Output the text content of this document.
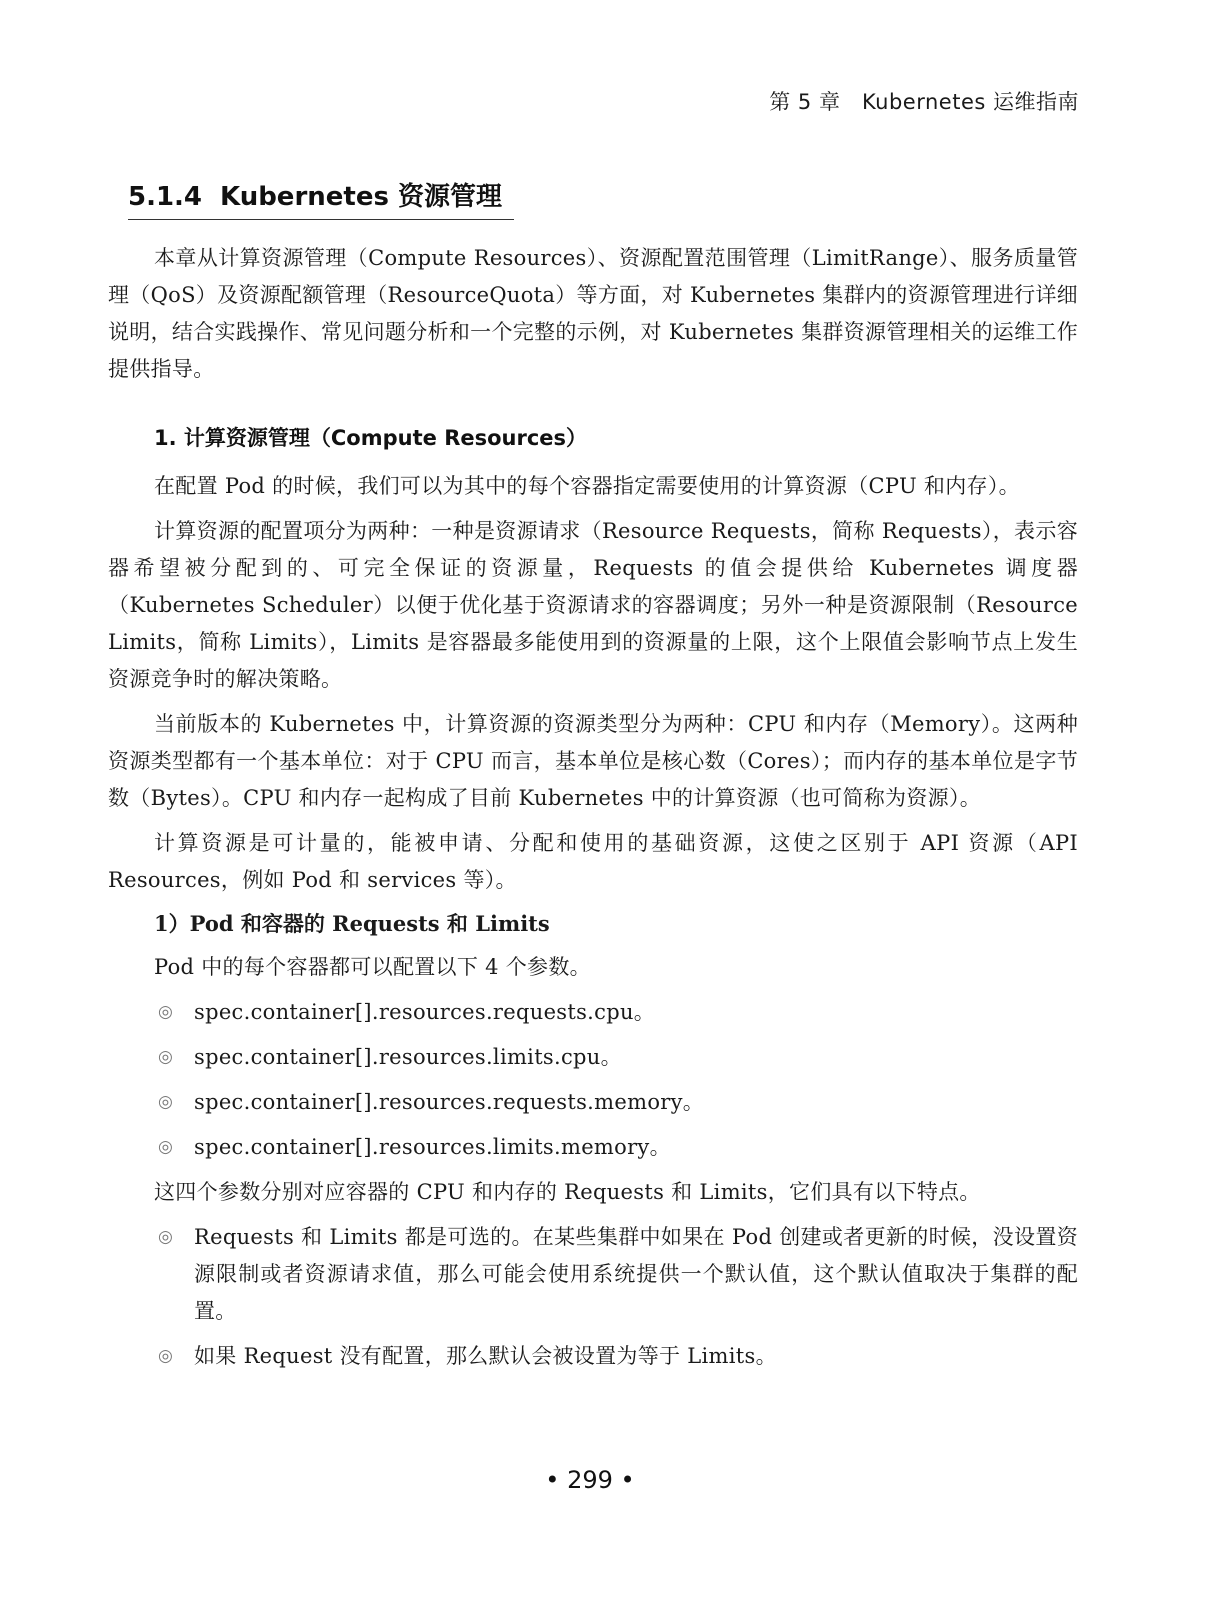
第 5 章　Kubernetes 运维指南
5.1.4 Kubernetes 资源管理

本章从计算资源管理（Compute Resources）、资源配置范围管理（LimitRange）、服务质量管理（QoS）及资源配额管理（ResourceQuota）等方面，对 Kubernetes 集群内的资源管理进行详细说明，结合实践操作、常见问题分析和一个完整的示例，对 Kubernetes 集群资源管理相关的运维工作提供指导。

1. 计算资源管理（Compute Resources）

在配置 Pod 的时候，我们可以为其中的每个容器指定需要使用的计算资源（CPU 和内存）。

计算资源的配置项分为两种：一种是资源请求（Resource Requests，简称 Requests），表示容器希望被分配到的、可完全保证的资源量，Requests 的值会提供给 Kubernetes 调度器（Kubernetes Scheduler）以便于优化基于资源请求的容器调度；另外一种是资源限制（Resource Limits，简称 Limits），Limits 是容器最多能使用到的资源量的上限，这个上限值会影响节点上发生资源竞争时的解决策略。

当前版本的 Kubernetes 中，计算资源的资源类型分为两种：CPU 和内存（Memory）。这两种资源类型都有一个基本单位：对于 CPU 而言，基本单位是核心数（Cores）；而内存的基本单位是字节数（Bytes）。CPU 和内存一起构成了目前 Kubernetes 中的计算资源（也可简称为资源）。

计算资源是可计量的，能被申请、分配和使用的基础资源，这使之区别于 API 资源（API Resources，例如 Pod 和 services 等）。

1）Pod 和容器的 Requests 和 Limits

Pod 中的每个容器都可以配置以下 4 个参数。

◎ spec.container[].resources.requests.cpu。
◎ spec.container[].resources.limits.cpu。
◎ spec.container[].resources.requests.memory。
◎ spec.container[].resources.limits.memory。

这四个参数分别对应容器的 CPU 和内存的 Requests 和 Limits，它们具有以下特点。

◎ Requests 和 Limits 都是可选的。在某些集群中如果在 Pod 创建或者更新的时候，没设置资源限制或者资源请求值，那么可能会使用系统提供一个默认值，这个默认值取决于集群的配置。
◎ 如果 Request 没有配置，那么默认会被设置为等于 Limits。
• 299 •
